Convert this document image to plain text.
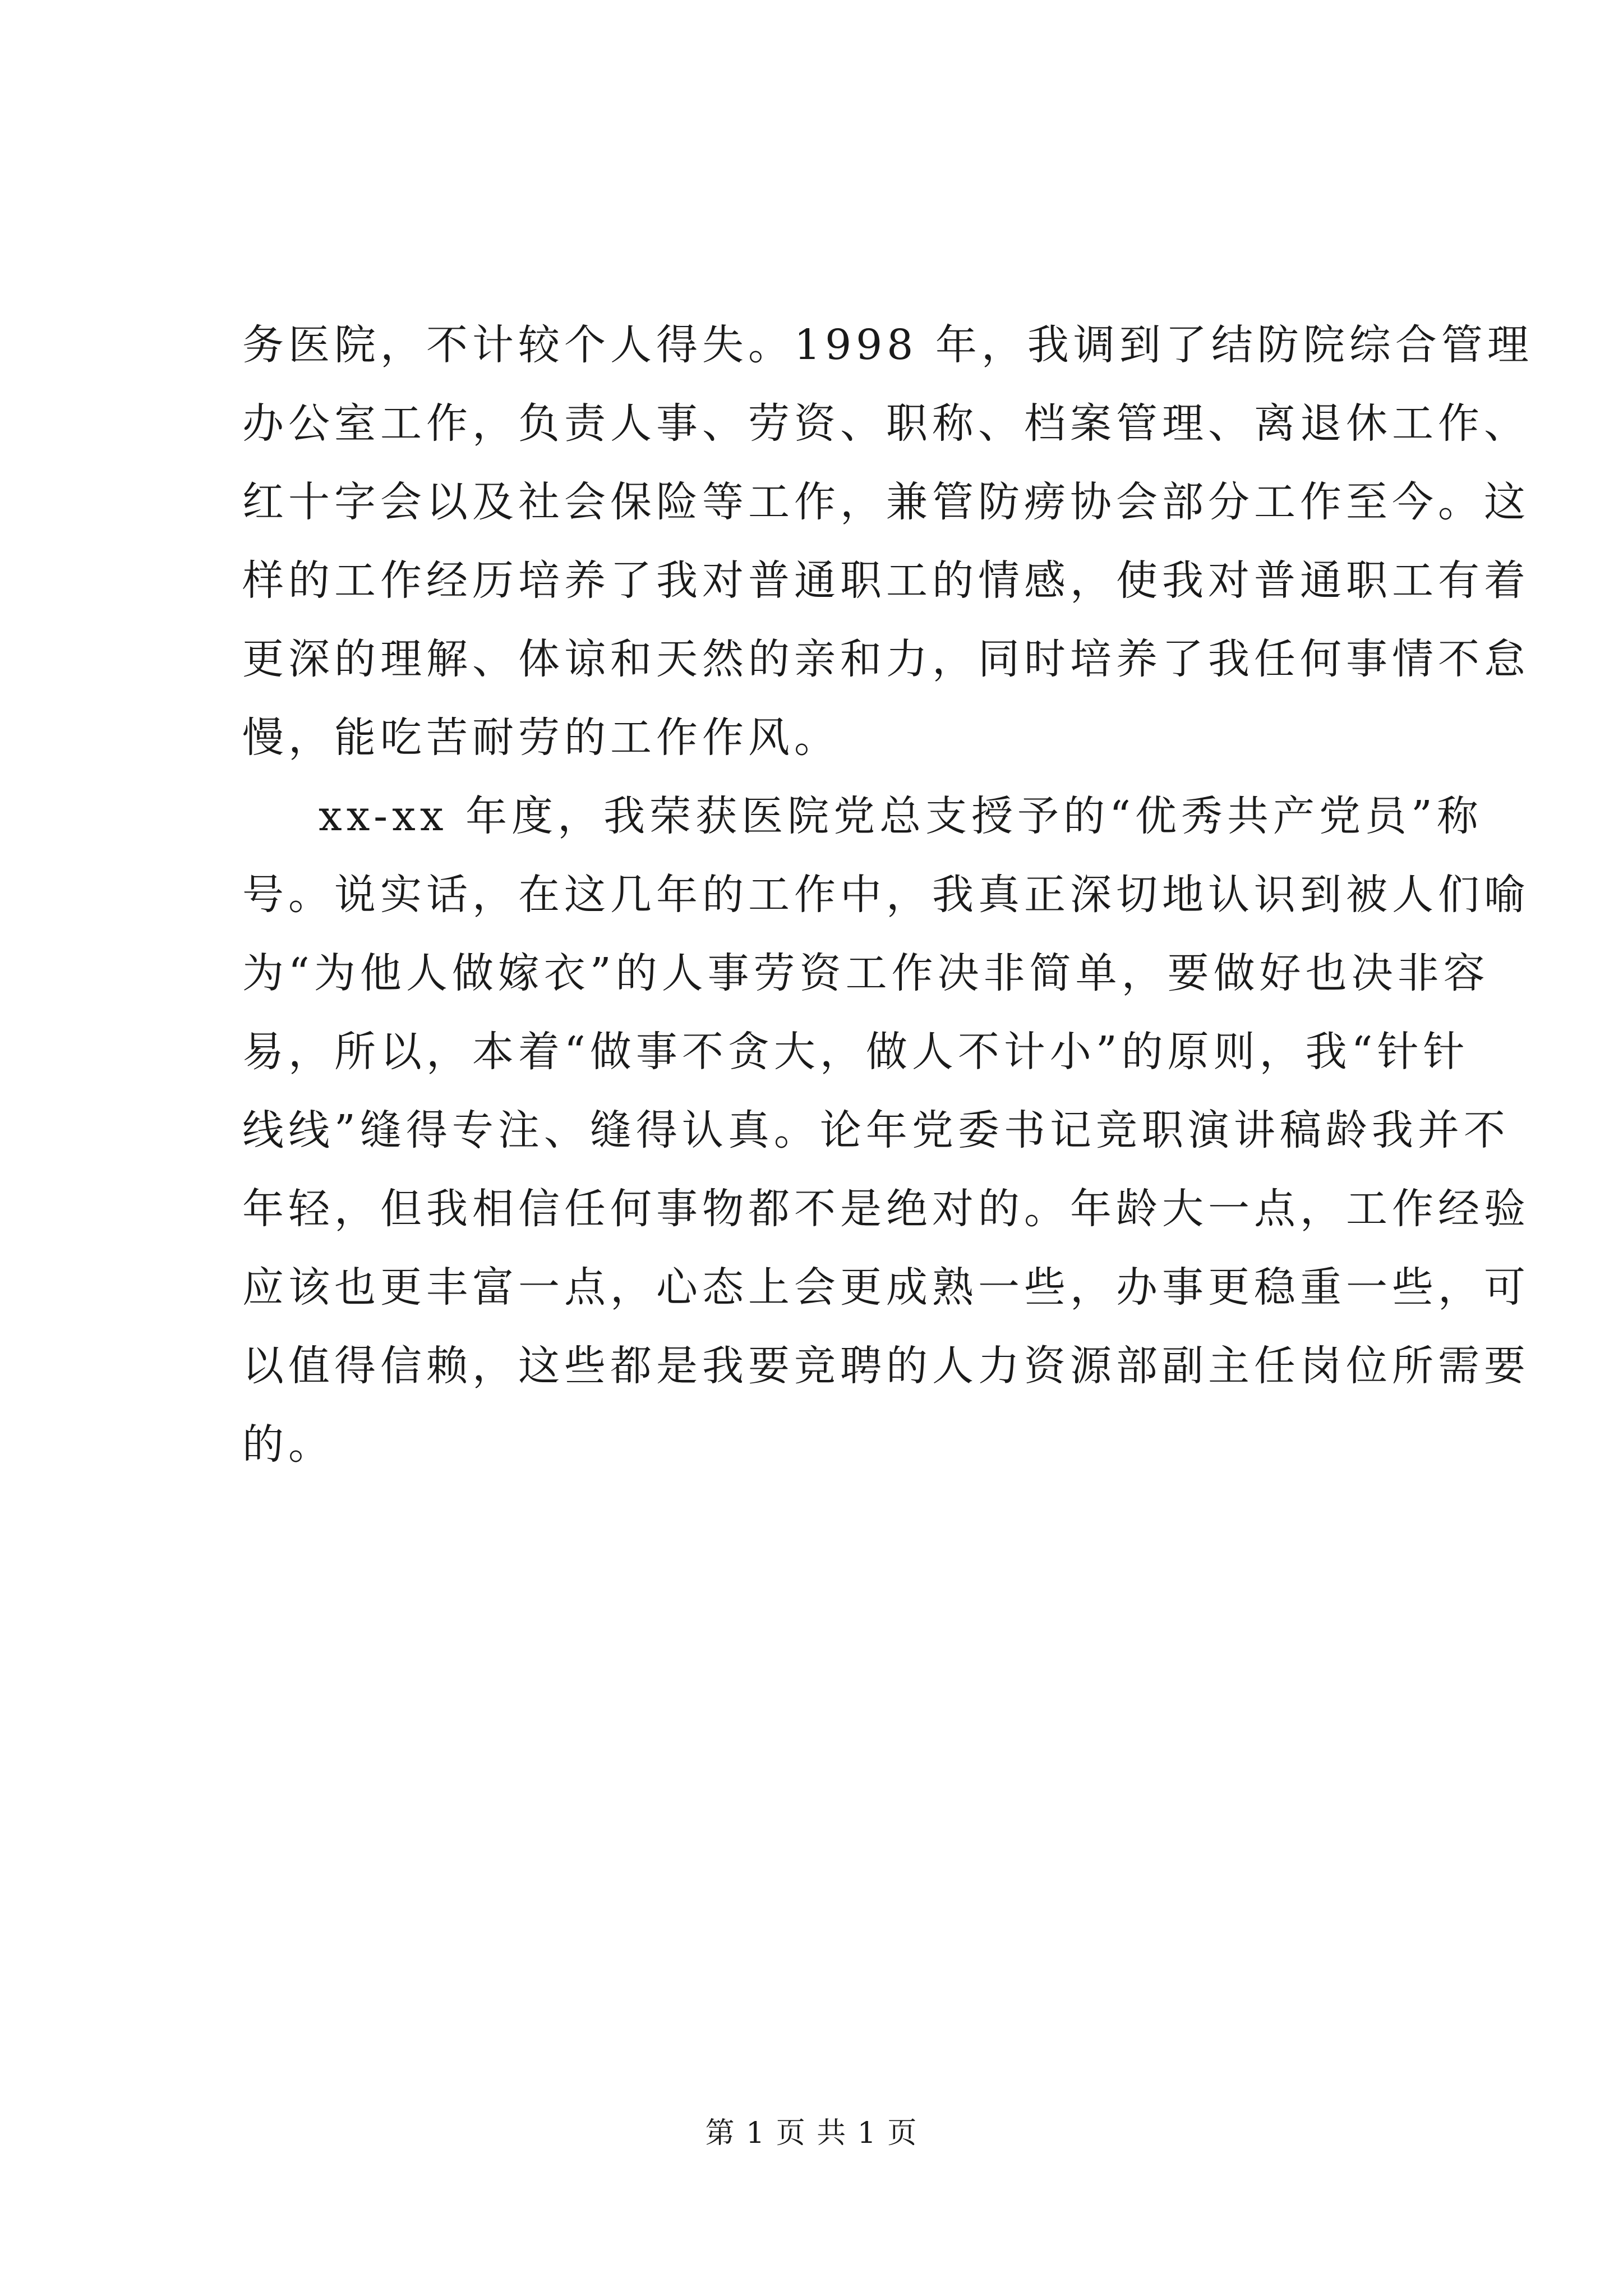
务医院，不计较个人得失。1998 年，我调到了结防院综合管理
办公室工作，负责人事、劳资、职称、档案管理、离退休工作、
红十字会以及社会保险等工作，兼管防痨协会部分工作至今。这
样的工作经历培养了我对普通职工的情感，使我对普通职工有着
更深的理解、体谅和天然的亲和力，同时培养了我任何事情不怠
慢，能吃苦耐劳的工作作风。
xx-xx 年度，我荣获医院党总支授予的“优秀共产党员”称
号。说实话，在这几年的工作中，我真正深切地认识到被人们喻
为“为他人做嫁衣”的人事劳资工作决非简单，要做好也决非容
易，所以，本着“做事不贪大，做人不计小”的原则，我“针针
线线”缝得专注、缝得认真。论年党委书记竞职演讲稿龄我并不
年轻，但我相信任何事物都不是绝对的。年龄大一点，工作经验
应该也更丰富一点，心态上会更成熟一些，办事更稳重一些，可
以值得信赖，这些都是我要竞聘的人力资源部副主任岗位所需要
的。
第 1 页 共 1 页
